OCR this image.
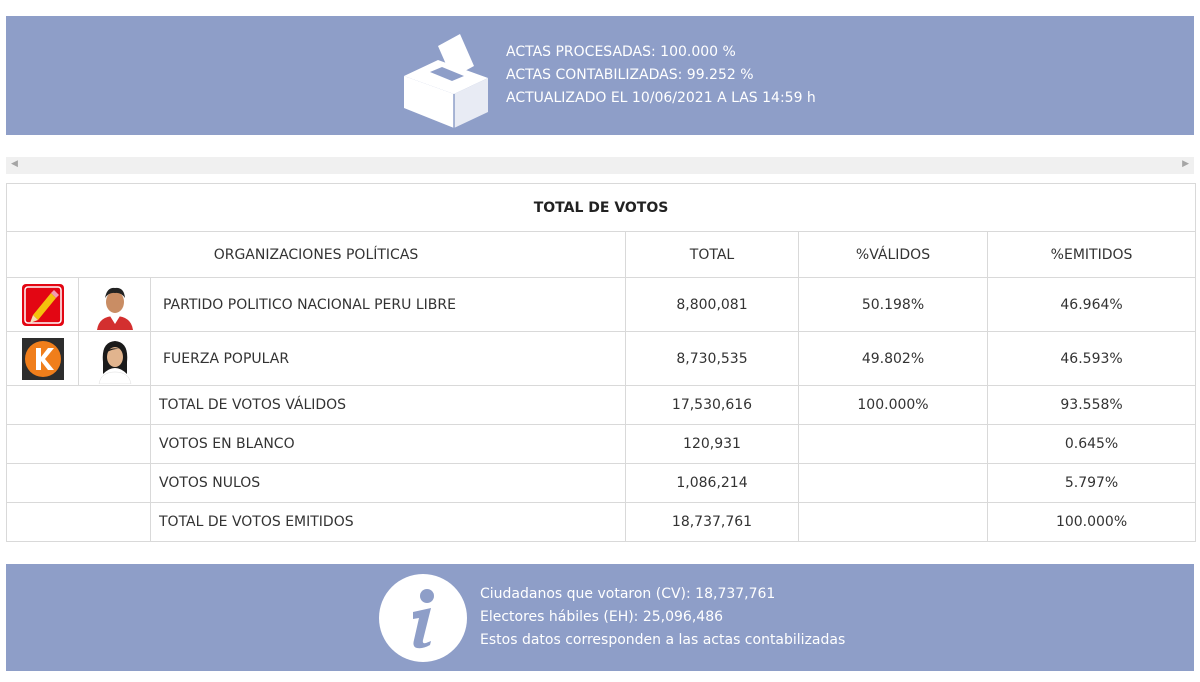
ACTAS PROCESADAS: 100.000 %
ACTAS CONTABILIZADAS: 99.252 %
ACTUALIZADO EL 10/06/2021 A LAS 14:59 h
◀	▶
TOTAL DE VOTOS					
ORGANIZACIONES POLÍTICAS			TOTAL	%VÁLIDOS	%EMITIDOS
		PARTIDO POLITICO NACIONAL PERU LIBRE	8,800,081	50.198%	46.964%
		FUERZA POPULAR	8,730,535	49.802%	46.593%
		TOTAL DE VOTOS VÁLIDOS	17,530,616	100.000%	93.558%
		VOTOS EN BLANCO	120,931		0.645%
		VOTOS NULOS	1,086,214		5.797%
		TOTAL DE VOTOS EMITIDOS	18,737,761		100.000%
Ciudadanos que votaron (CV): 18,737,761
Electores hábiles (EH): 25,096,486
Estos datos corresponden a las actas contabilizadas
